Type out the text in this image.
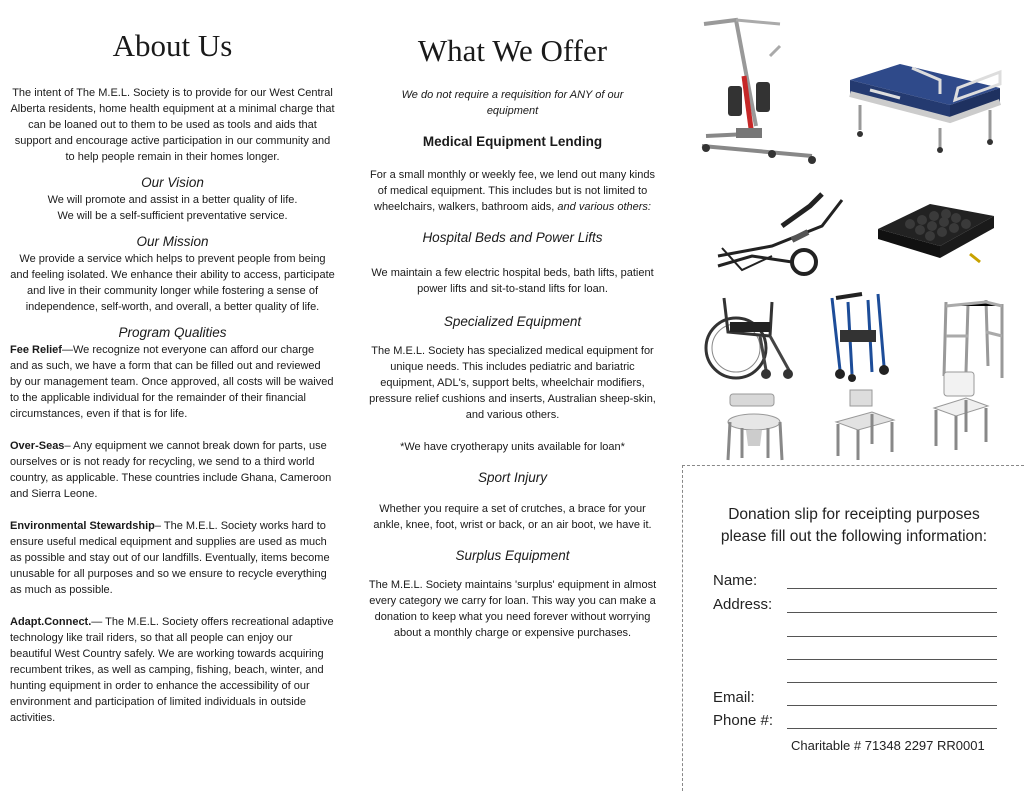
About Us

The intent of The M.E.L. Society is to provide for our West Central Alberta residents, home health equipment at a minimal charge that can be loaned out to them to be used as tools and aids that support and encourage active participation in our community and to help people remain in their homes longer.

Our Vision

We will promote and assist in a better quality of life.

We will be a self-sufficient preventative service.

Our Mission

We provide a service which helps to prevent people from being and feeling isolated. We enhance their ability to access, participate and live in their community longer while fostering a sense of independence, self-worth, and overall, a better quality of life.

Program Qualities

Fee Relief—We recognize not everyone can afford our charge and as such, we have a form that can be filled out and reviewed by our management team. Once approved, all costs will be waived to the applicable individual for the remainder of their financial circumstances, even if that is for life.

Over-Seas– Any equipment we cannot break down for parts, use ourselves or is not ready for recycling, we send to a third world country, as applicable. These countries include Ghana, Cameroon and Sierra Leone.

Environmental Stewardship– The M.E.L. Society works hard to ensure useful medical equipment and supplies are used as much as possible and stay out of our landfills. Eventually, items become unusable for all purposes and so we ensure to recycle everything as much as possible.

Adapt.Connect.— The M.E.L. Society offers recreational adaptive technology like trail riders, so that all people can enjoy our beautiful West Country safely. We are working towards acquiring recumbent trikes, as well as camping, fishing, beach, winter, and hunting equipment in order to enhance the accessibility of our environment and participation of limited individuals in outside activities.

What We Offer

We do not require a requisition for ANY of our equipment

Medical Equipment Lending

For a small monthly or weekly fee, we lend out many kinds of medical equipment. This includes but is not limited to wheelchairs, walkers, bathroom aids, and various others:

Hospital Beds and Power Lifts

We maintain a few electric hospital beds, bath lifts, patient power lifts and sit-to-stand lifts for loan.

Specialized Equipment

The M.E.L. Society has specialized medical equipment for unique needs. This includes pediatric and bariatric equipment, ADL's, support belts, wheelchair modifiers, pressure relief cushions and inserts, Australian sheep-skin, and various others.

*We have cryotherapy units available for loan*

Sport Injury

Whether you require a set of crutches, a brace for your ankle, knee, foot, wrist or back, or an air boot, we have it.

Surplus Equipment

The M.E.L. Society maintains 'surplus' equipment in almost every category we carry for loan. This way you can make a donation to keep what you need forever without worrying about a monthly charge or expensive purchases.

Donation slip for receipting purposes
please fill out the following information:
Name:
Address:
Email:
Phone #:
Charitable # 71348 2297 RR0001
